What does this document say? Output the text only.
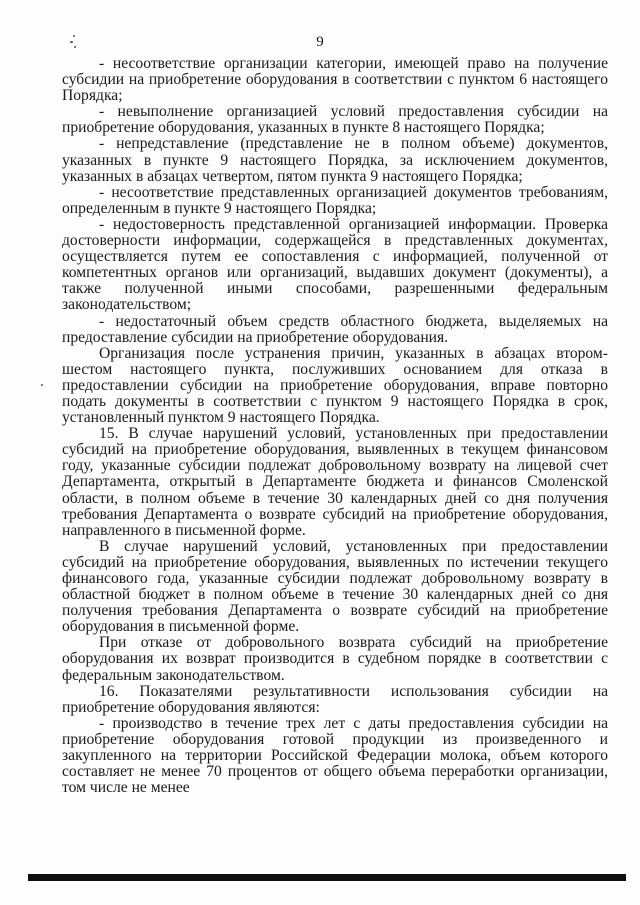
9

- несоответствие организации категории, имеющей право на получение субсидии на приобретение оборудования в соответствии с пунктом 6 настоящего Порядка;

- невыполнение организацией условий предоставления субсидии на приобретение оборудования, указанных в пункте 8 настоящего Порядка;

- непредставление (представление не в полном объеме) документов, указанных в пункте 9 настоящего Порядка, за исключением документов, указанных в абзацах четвертом, пятом пункта 9 настоящего Порядка;

- несоответствие представленных организацией документов требованиям, определенным в пункте 9 настоящего Порядка;

- недостоверность представленной организацией информации. Проверка достоверности информации, содержащейся в представленных документах, осуществляется путем ее сопоставления с информацией, полученной от компетентных органов или организаций, выдавших документ (документы), а также полученной иными способами, разрешенными федеральным законодательством;

- недостаточный объем средств областного бюджета, выделяемых на предоставление субсидии на приобретение оборудования.

Организация после устранения причин, указанных в абзацах втором-шестом настоящего пункта, послуживших основанием для отказа в предоставлении субсидии на приобретение оборудования, вправе повторно подать документы в соответствии с пунктом 9 настоящего Порядка в срок, установленный пунктом 9 настоящего Порядка.

15. В случае нарушений условий, установленных при предоставлении субсидий на приобретение оборудования, выявленных в текущем финансовом году, указанные субсидии подлежат добровольному возврату на лицевой счет Департамента, открытый в Департаменте бюджета и финансов Смоленской области, в полном объеме в течение 30 календарных дней со дня получения требования Департамента о возврате субсидий на приобретение оборудования, направленного в письменной форме.

В случае нарушений условий, установленных при предоставлении субсидий на приобретение оборудования, выявленных по истечении текущего финансового года, указанные субсидии подлежат добровольному возврату в областной бюджет в полном объеме в течение 30 календарных дней со дня получения требования Департамента о возврате субсидий на приобретение оборудования в письменной форме.

При отказе от добровольного возврата субсидий на приобретение оборудования их возврат производится в судебном порядке в соответствии с федеральным законодательством.

16. Показателями результативности использования субсидии на приобретение оборудования являются:

- производство в течение трех лет с даты предоставления субсидии на приобретение оборудования готовой продукции из произведенного и закупленного на территории Российской Федерации молока, объем которого составляет не менее 70 процентов от общего объема переработки организации, том числе не менее
